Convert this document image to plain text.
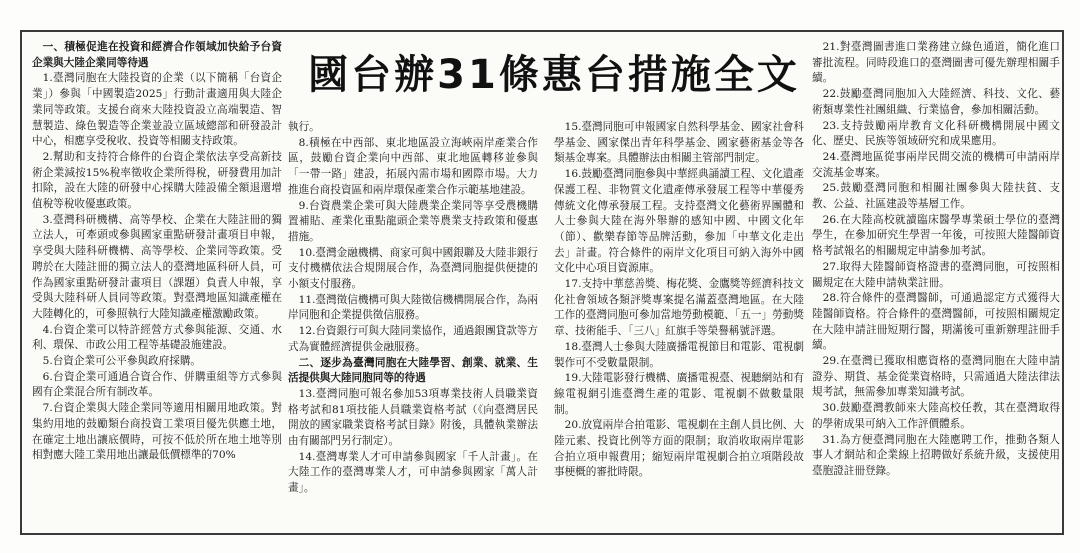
國台辦31條惠台措施全文

一、積極促進在投資和經濟合作領域加快給予台資企業與大陸企業同等待遇

1.臺灣同胞在大陸投資的企業（以下簡稱「台資企業」）參與「中國製造2025」行動計畫適用與大陸企業同等政策。支援台商來大陸投資設立高端製造、智慧製造、綠色製造等企業並設立區域總部和研發設計中心，相應享受稅收、投資等相關支持政策。

2.幫助和支持符合條件的台資企業依法享受高新技術企業減按15%稅率徵收企業所得稅，研發費用加計扣除，設在大陸的研發中心採購大陸設備全額退還增值稅等稅收優惠政策。

3.臺灣科研機構、高等學校、企業在大陸註冊的獨立法人，可牽頭或參與國家重點研發計畫項目申報，享受與大陸科研機構、高等學校、企業同等政策。受聘於在大陸註冊的獨立法人的臺灣地區科研人員，可作為國家重點研發計畫項目（課題）負責人申報，享受與大陸科研人員同等政策。對臺灣地區知識產權在大陸轉化的，可參照執行大陸知識產權激勵政策。

4.台資企業可以特許經營方式參與能源、交通、水利、環保、市政公用工程等基礎設施建設。

5.台資企業可公平參與政府採購。

6.台資企業可通過合資合作、併購重組等方式參與國有企業混合所有制改革。

7.台資企業與大陸企業同等適用相關用地政策。對集約用地的鼓勵類台商投資工業項目優先供應土地，在確定土地出讓底價時，可按不低於所在地土地等別相對應大陸工業用地出讓最低價標準的70%

執行。

8.積極在中西部、東北地區設立海峽兩岸產業合作區，鼓勵台資企業向中西部、東北地區轉移並參與「一帶一路」建設，拓展內需市場和國際市場。大力推進台商投資區和兩岸環保產業合作示範基地建設。

9.台資農業企業可與大陸農業企業同等享受農機購置補貼、產業化重點龍頭企業等農業支持政策和優惠措施。

10.臺灣金融機構、商家可與中國銀聯及大陸非銀行支付機構依法合規開展合作，為臺灣同胞提供便捷的小額支付服務。

11.臺灣徵信機構可與大陸徵信機構開展合作，為兩岸同胞和企業提供徵信服務。

12.台資銀行可與大陸同業協作，通過銀團貸款等方式為實體經濟提供金融服務。

二、逐步為臺灣同胞在大陸學習、創業、就業、生活提供與大陸同胞同等的待遇

13.臺灣同胞可報名參加53項專業技術人員職業資格考試和81項技能人員職業資格考試（《向臺灣居民開放的國家職業資格考試目錄》附後，具體執業辦法由有關部門另行制定）。

14.臺灣專業人才可申請參與國家「千人計畫」。在大陸工作的臺灣專業人才，可申請參與國家「萬人計畫」。

15.臺灣同胞可申報國家自然科學基金、國家社會科學基金、國家傑出青年科學基金、國家藝術基金等各類基金專案。具體辦法由相關主管部門制定。

16.鼓勵臺灣同胞參與中華經典誦讀工程、文化遺產保護工程、非物質文化遺產傳承發展工程等中華優秀傳統文化傳承發展工程。支持臺灣文化藝術界團體和人士參與大陸在海外舉辦的感知中國、中國文化年（節）、歡樂春節等品牌活動，參加「中華文化走出去」計畫。符合條件的兩岸文化項目可納入海外中國文化中心項目資源庫。

17.支持中華慈善獎、梅花獎、金鷹獎等經濟科技文化社會領域各類評獎專案提名滿蓋臺灣地區。在大陸工作的臺灣同胞可參加當地勞動模範、「五一」勞動獎章、技術能手、「三八」紅旗手等榮譽稱號評選。

18.臺灣人士參與大陸廣播電視節目和電影、電視劇製作可不受數量限制。

19.大陸電影發行機構、廣播電視臺、視聽網站和有線電視網引進臺灣生產的電影、電視劇不做數量限制。

20.放寬兩岸合拍電影、電視劇在主創人員比例、大陸元素、投資比例等方面的限制；取消收取兩岸電影合拍立項申報費用；縮短兩岸電視劇合拍立項階段故事梗概的審批時限。

21.對臺灣圖書進口業務建立綠色通道，簡化進口審批流程。同時段進口的臺灣圖書可優先辦理相關手續。

22.鼓勵臺灣同胞加入大陸經濟、科技、文化、藝術類專業性社團組織、行業協會，參加相關活動。

23.支持鼓勵兩岸教育文化科研機構開展中國文化、歷史、民族等領域研究和成果應用。

24.臺灣地區從事兩岸民間交流的機構可申請兩岸交流基金專案。

25.鼓勵臺灣同胞和相關社團參與大陸扶貧、支教、公益、社區建設等基層工作。

26.在大陸高校就讀臨床醫學專業碩士學位的臺灣學生，在參加研究生學習一年後，可按照大陸醫師資格考試報名的相關規定申請參加考試。

27.取得大陸醫師資格證書的臺灣同胞，可按照相關規定在大陸申請執業註冊。

28.符合條件的臺灣醫師，可通過認定方式獲得大陸醫師資格。符合條件的臺灣醫師，可按照相關規定在大陸申請註冊短期行醫，期滿後可重新辦理註冊手續。

29.在臺灣已獲取相應資格的臺灣同胞在大陸申請證券、期貨、基金從業資格時，只需通過大陸法律法規考試，無需參加專業知識考試。

30.鼓勵臺灣教師來大陸高校任教，其在臺灣取得的學術成果可納入工作評價體系。

31.為方便臺灣同胞在大陸應聘工作，推動各類人事人才網站和企業線上招聘做好系統升級，支援使用臺胞證註冊登錄。
